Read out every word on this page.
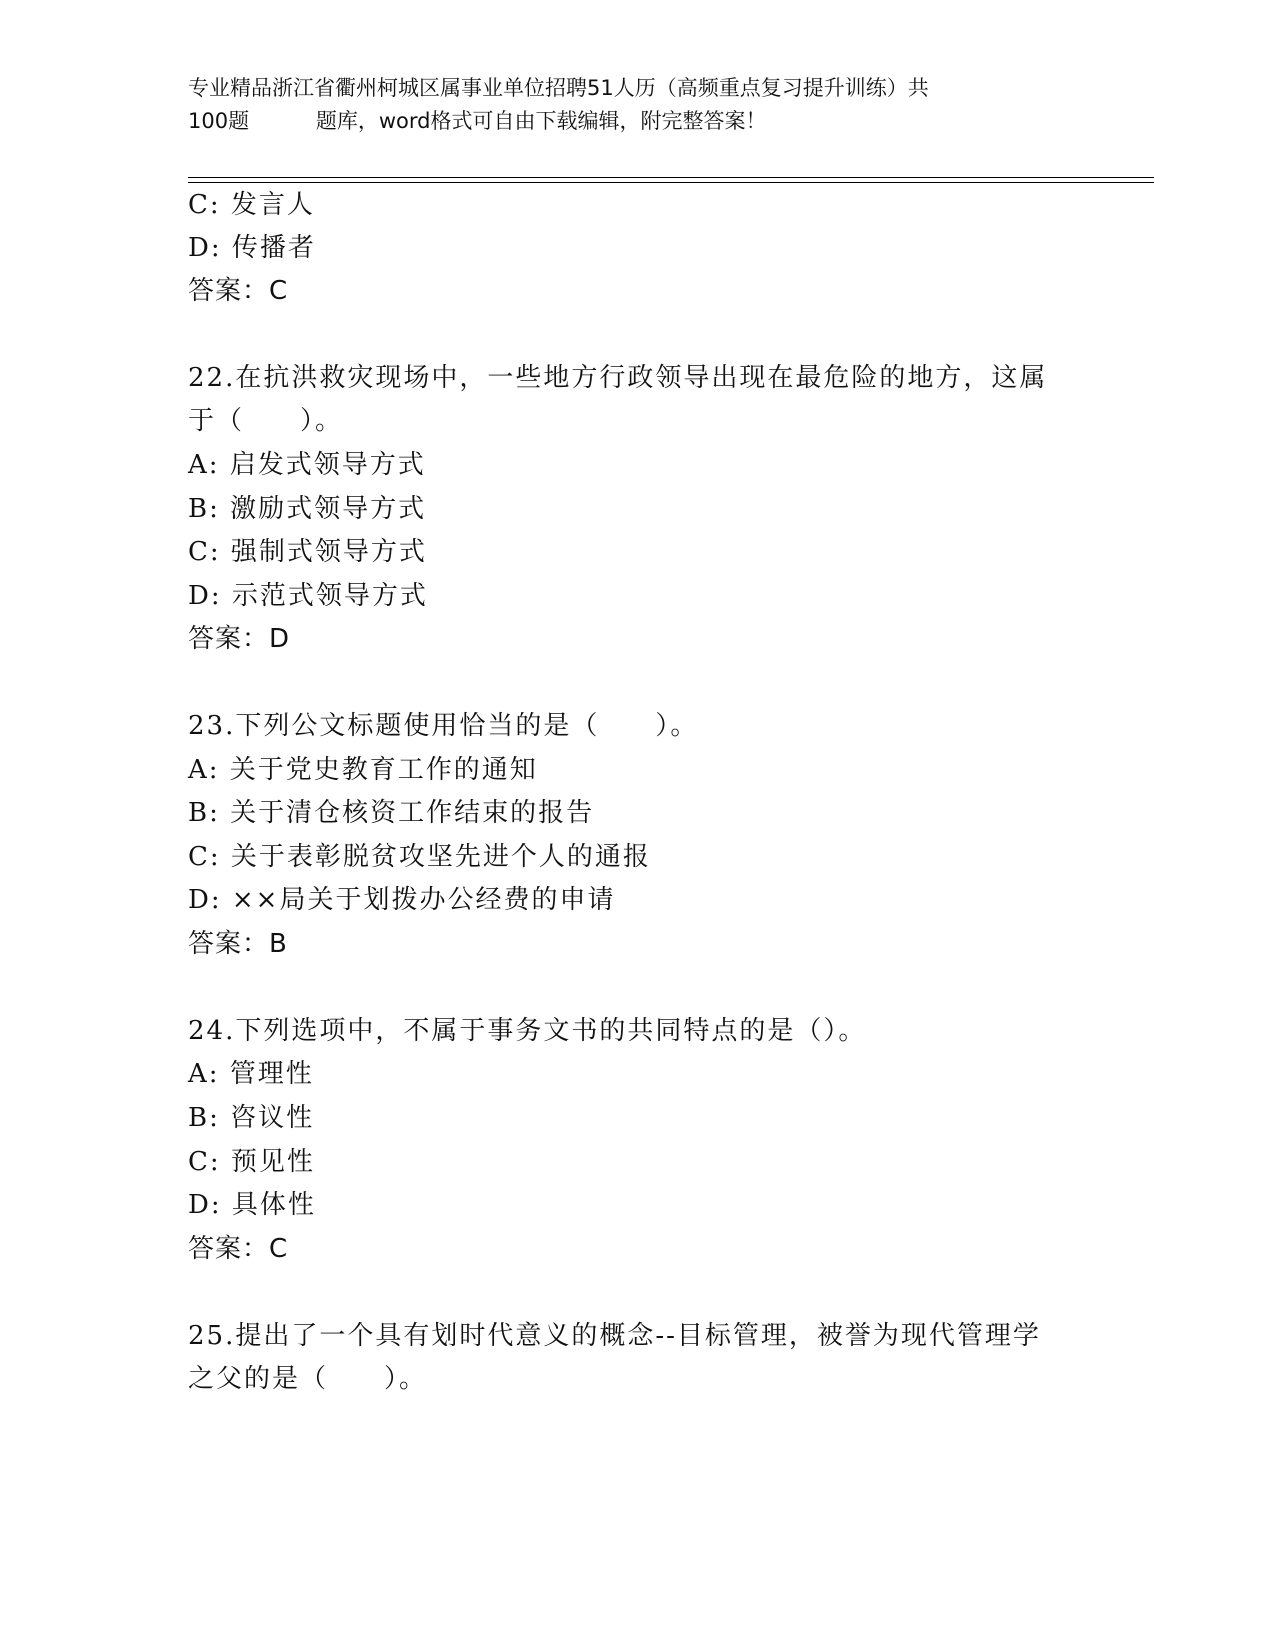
专业精品浙江省衢州柯城区属事业单位招聘51人历（高频重点复习提升训练）共

100题	题库，word格式可自由下载编辑，附完整答案！
C: 发言人
D: 传播者
答案：C
22.在抗洪救灾现场中，一些地方行政领导出现在最危险的地方，这属
于（　　）。
A: 启发式领导方式
B: 激励式领导方式
C: 强制式领导方式
D: 示范式领导方式
答案：D
23.下列公文标题使用恰当的是（　　）。
A: 关于党史教育工作的通知
B: 关于清仓核资工作结束的报告
C: 关于表彰脱贫攻坚先进个人的通报
D: ××局关于划拨办公经费的申请
答案：B
24.下列选项中，不属于事务文书的共同特点的是（）。
A: 管理性
B: 咨议性
C: 预见性
D: 具体性
答案：C
25.提出了一个具有划时代意义的概念--目标管理，被誉为现代管理学
之父的是（　　）。
